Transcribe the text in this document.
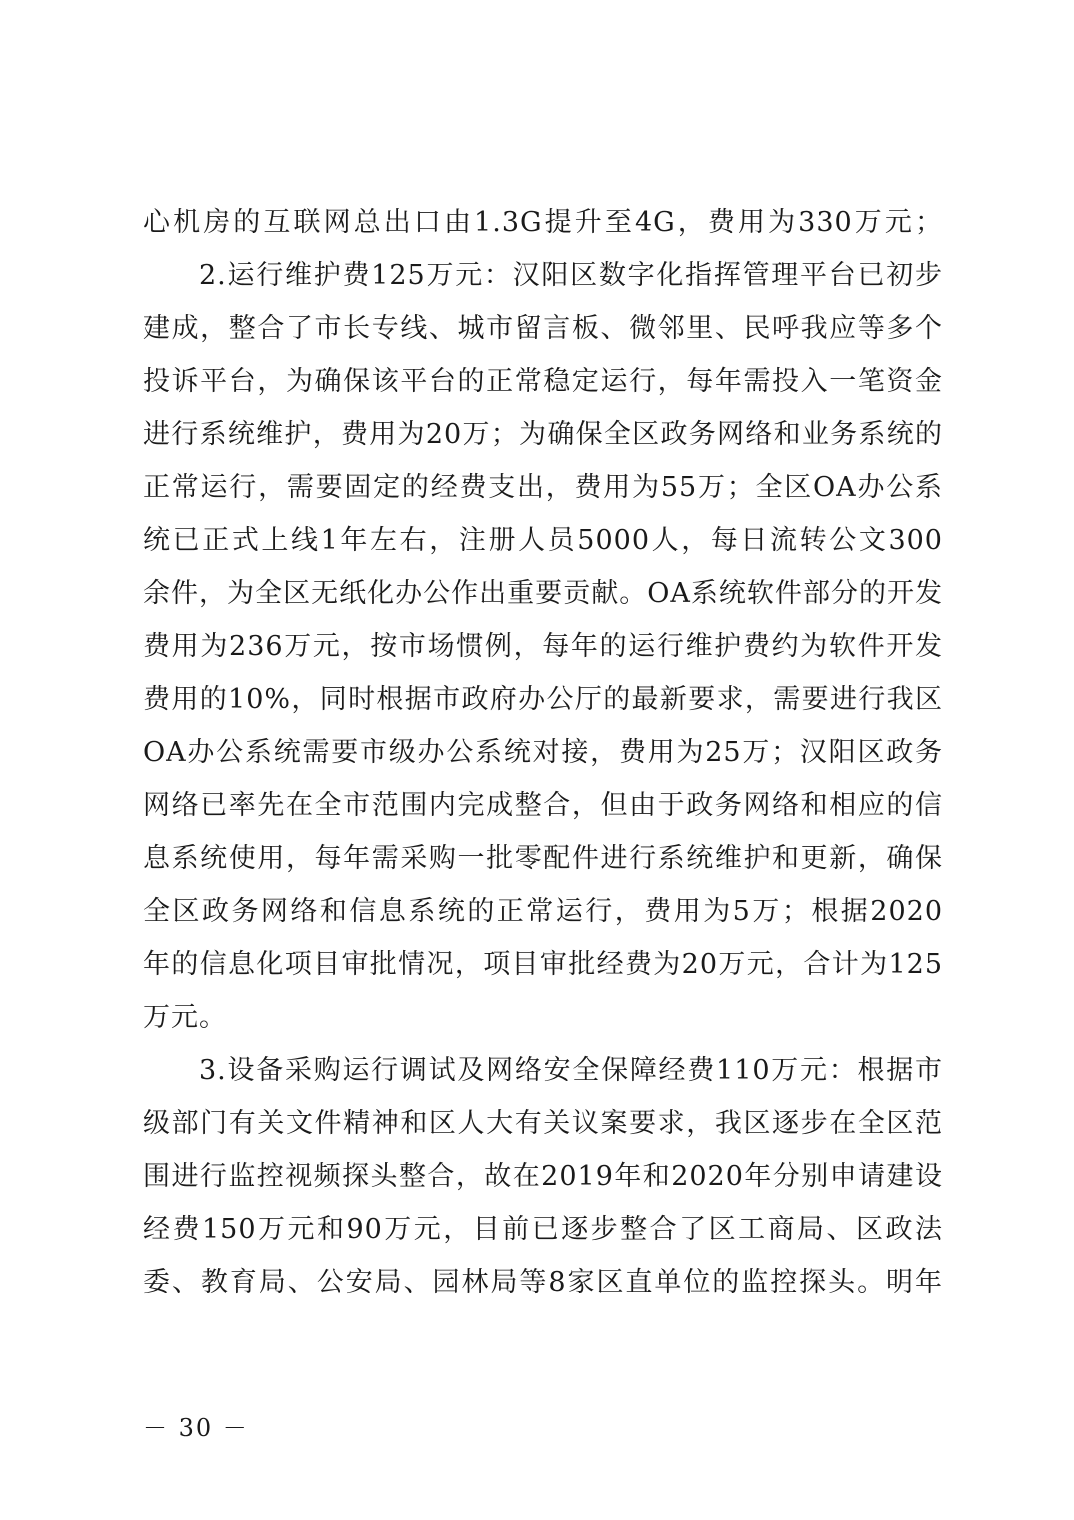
心机房的互联网总出口由1.3G提升至4G，费用为330万元；
2.运行维护费125万元：汉阳区数字化指挥管理平台已初步
建成，整合了市长专线、城市留言板、微邻里、民呼我应等多个
投诉平台，为确保该平台的正常稳定运行，每年需投入一笔资金
进行系统维护，费用为20万；为确保全区政务网络和业务系统的
正常运行，需要固定的经费支出，费用为55万；全区OA办公系
统已正式上线1年左右，注册人员5000人，每日流转公文300
余件，为全区无纸化办公作出重要贡献。OA系统软件部分的开发
费用为236万元，按市场惯例，每年的运行维护费约为软件开发
费用的10%，同时根据市政府办公厅的最新要求，需要进行我区
OA办公系统需要市级办公系统对接，费用为25万；汉阳区政务
网络已率先在全市范围内完成整合，但由于政务网络和相应的信
息系统使用，每年需采购一批零配件进行系统维护和更新，确保
全区政务网络和信息系统的正常运行，费用为5万；根据2020
年的信息化项目审批情况，项目审批经费为20万元，合计为125
万元。
3.设备采购运行调试及网络安全保障经费110万元：根据市
级部门有关文件精神和区人大有关议案要求，我区逐步在全区范
围进行监控视频探头整合，故在2019年和2020年分别申请建设
经费150万元和90万元，目前已逐步整合了区工商局、区政法
委、教育局、公安局、园林局等8家区直单位的监控探头。明年
－ 30 －
